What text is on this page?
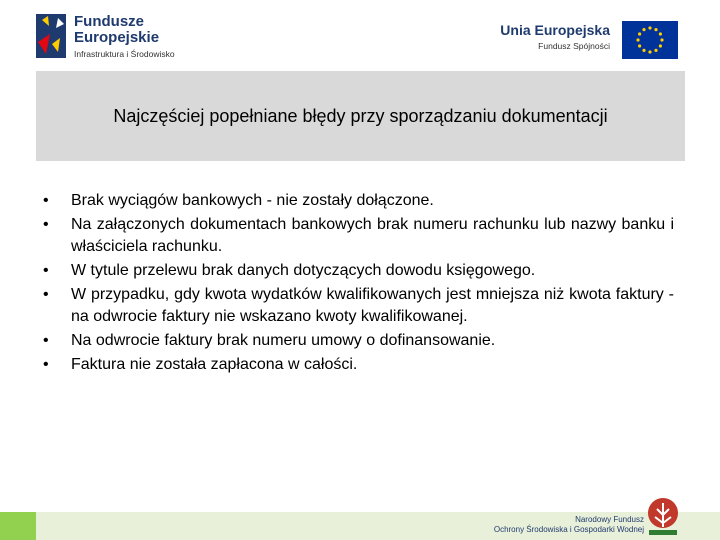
Fundusze
Europejskie
Infrastruktura i Środowisko
Unia Europejska
Fundusz Spójności
Najczęściej popełniane błędy przy sporządzaniu dokumentacji
• Brak wyciągów bankowych - nie zostały dołączone.
• Na załączonych dokumentach bankowych brak numeru rachunku lub nazwy banku i właściciela rachunku.
• W tytule przelewu brak danych dotyczących dowodu księgowego.
• W przypadku, gdy kwota wydatków kwalifikowanych jest mniejsza niż kwota faktury - na odwrocie faktury nie wskazano kwoty kwalifikowanej.
• Na odwrocie faktury brak numeru umowy o dofinansowanie.
• Faktura nie została zapłacona w całości.
Narodowy Fundusz
Ochrony Środowiska i Gospodarki Wodnej
